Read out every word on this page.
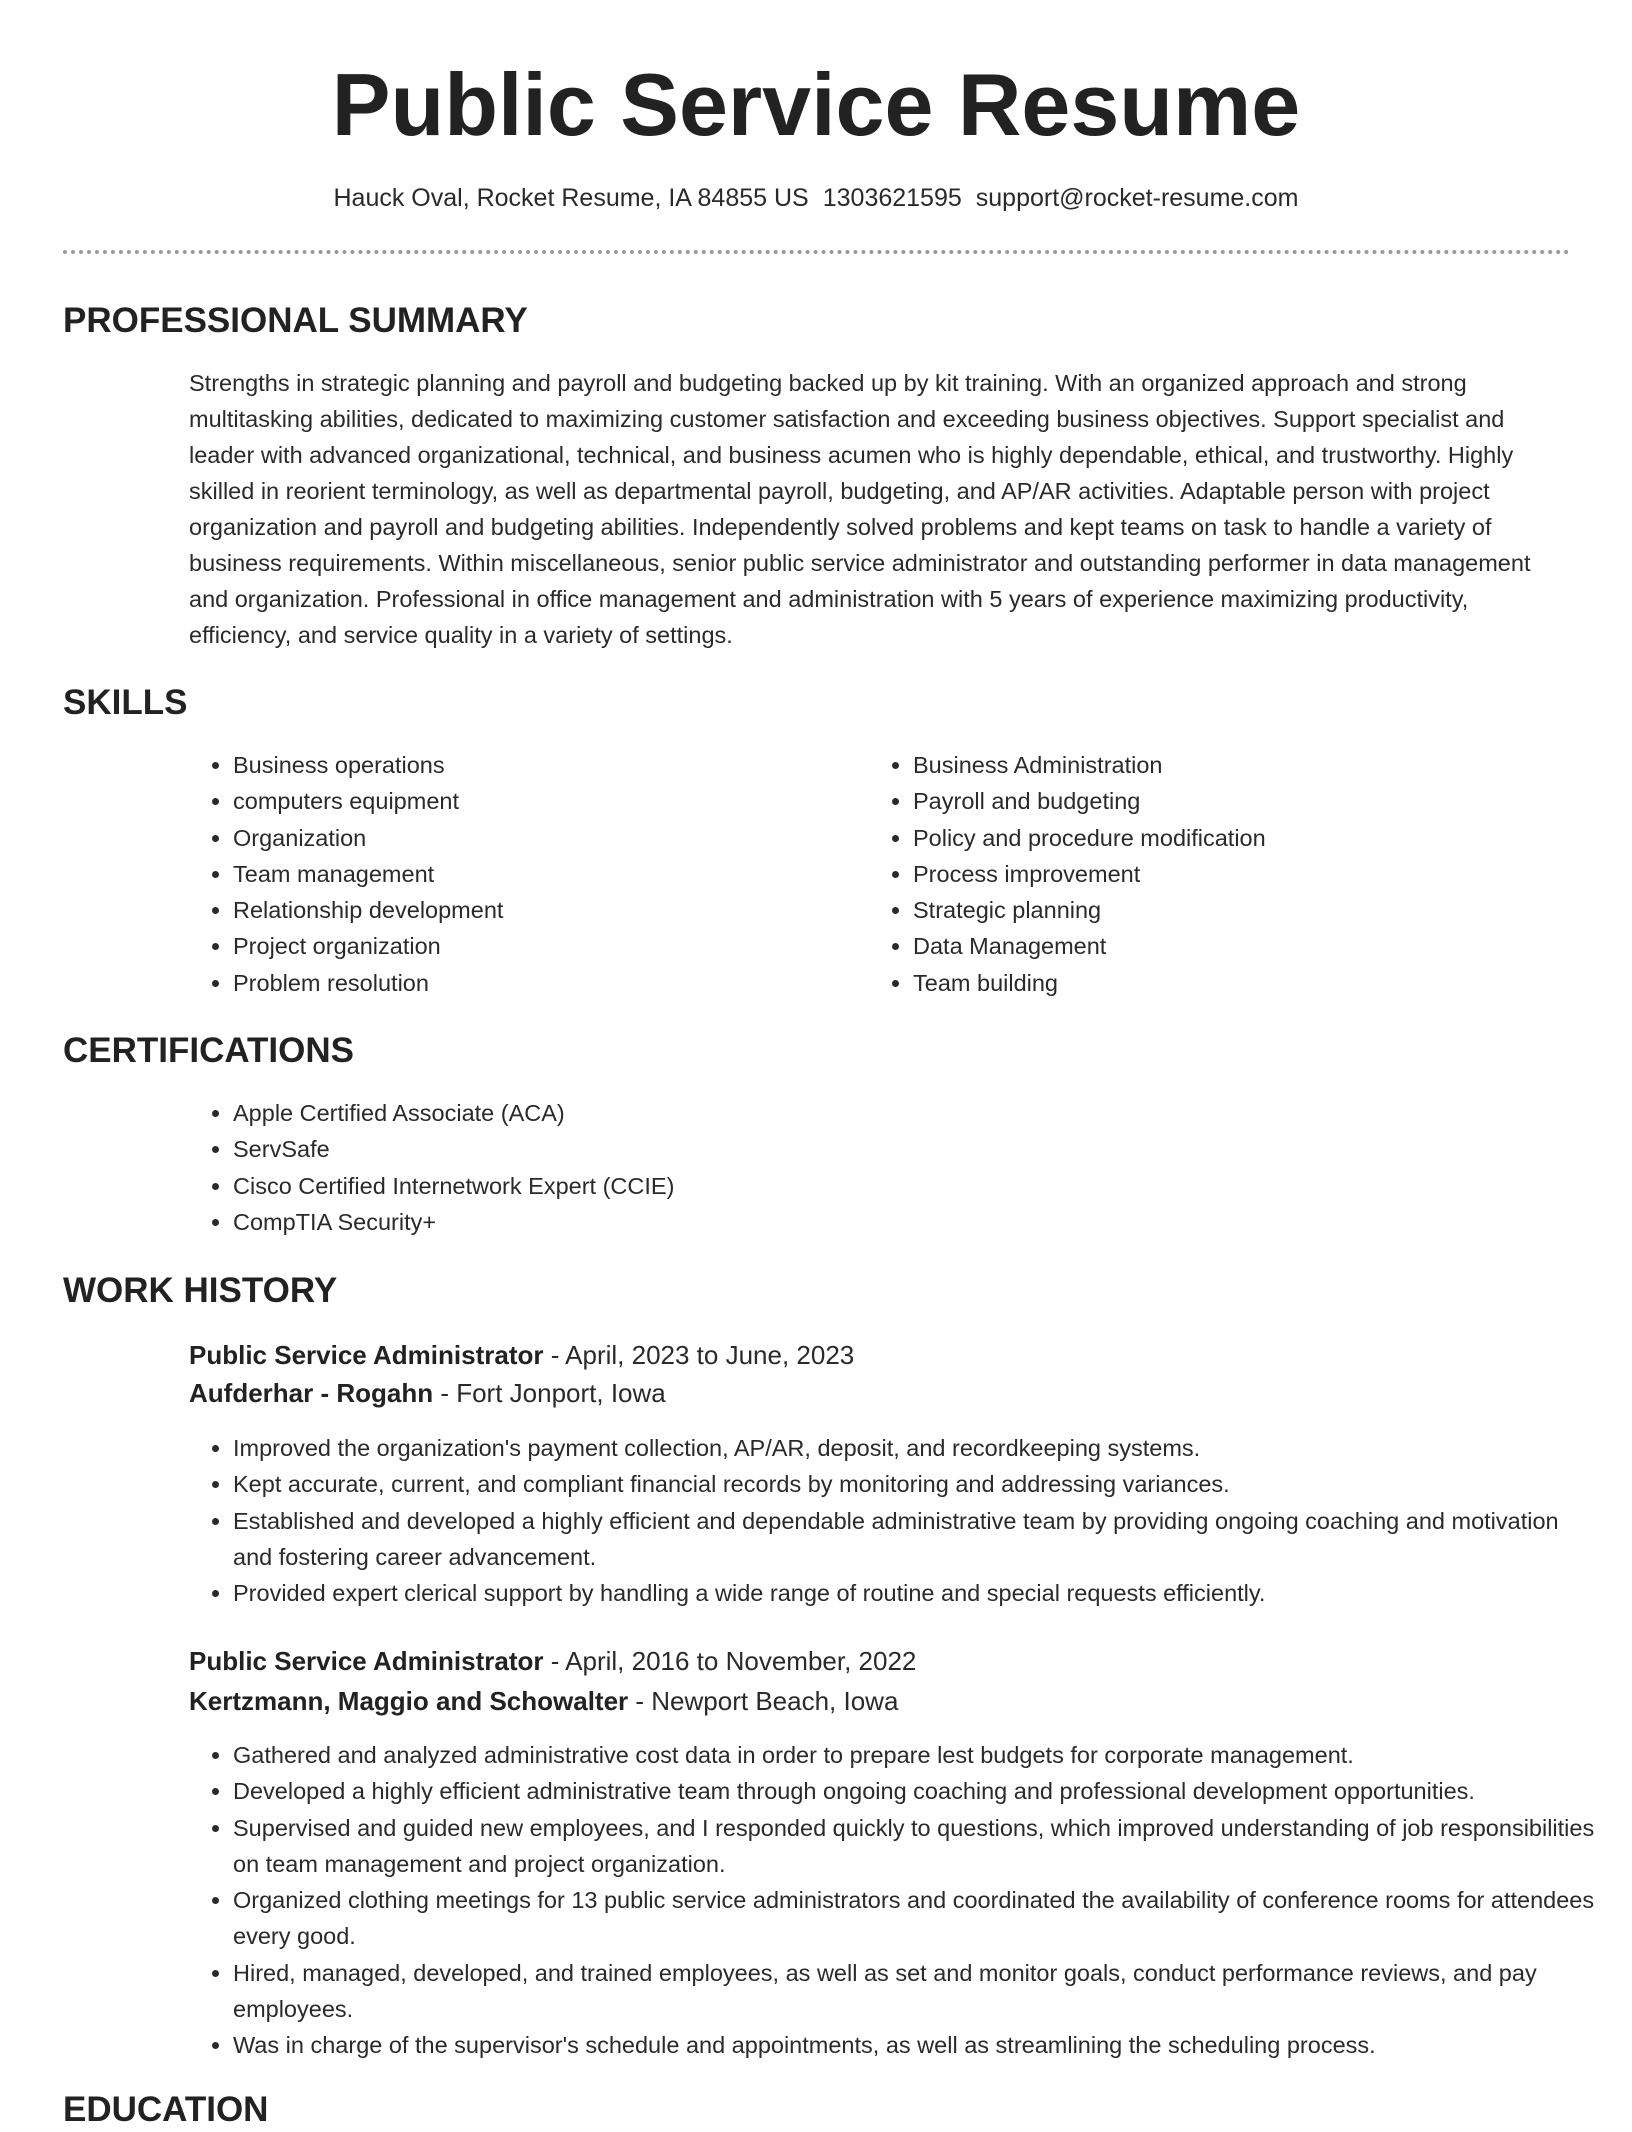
Public Service Resume
Hauck Oval, Rocket Resume, IA 84855 US 1303621595 support@rocket-resume.com
PROFESSIONAL SUMMARY

Strengths in strategic planning and payroll and budgeting backed up by kit training. With an organized approach and strong multitasking abilities, dedicated to maximizing customer satisfaction and exceeding business objectives. Support specialist and leader with advanced organizational, technical, and business acumen who is highly dependable, ethical, and trustworthy. Highly skilled in reorient terminology, as well as departmental payroll, budgeting, and AP/AR activities. Adaptable person with project organization and payroll and budgeting abilities. Independently solved problems and kept teams on task to handle a variety of business requirements. Within miscellaneous, senior public service administrator and outstanding performer in data management and organization. Professional in office management and administration with 5 years of experience maximizing productivity, efficiency, and service quality in a variety of settings.

SKILLS
• Business operations
• computers equipment
• Organization
• Team management
• Relationship development
• Project organization
• Problem resolution
• Business Administration
• Payroll and budgeting
• Policy and procedure modification
• Process improvement
• Strategic planning
• Data Management
• Team building
CERTIFICATIONS
• Apple Certified Associate (ACA)
• ServSafe
• Cisco Certified Internetwork Expert (CCIE)
• CompTIA Security+
WORK HISTORY
Public Service Administrator - April, 2023 to June, 2023
Aufderhar - Rogahn - Fort Jonport, Iowa
• Improved the organization's payment collection, AP/AR, deposit, and recordkeeping systems.
• Kept accurate, current, and compliant financial records by monitoring and addressing variances.
• Established and developed a highly efficient and dependable administrative team by providing ongoing coaching and motivation and fostering career advancement.
• Provided expert clerical support by handling a wide range of routine and special requests efficiently.
Public Service Administrator - April, 2016 to November, 2022
Kertzmann, Maggio and Schowalter - Newport Beach, Iowa
• Gathered and analyzed administrative cost data in order to prepare lest budgets for corporate management.
• Developed a highly efficient administrative team through ongoing coaching and professional development opportunities.
• Supervised and guided new employees, and I responded quickly to questions, which improved understanding of job responsibilities on team management and project organization.
• Organized clothing meetings for 13 public service administrators and coordinated the availability of conference rooms for attendees every good.
• Hired, managed, developed, and trained employees, as well as set and monitor goals, conduct performance reviews, and pay employees.
• Was in charge of the supervisor's schedule and appointments, as well as streamlining the scheduling process.
EDUCATION
